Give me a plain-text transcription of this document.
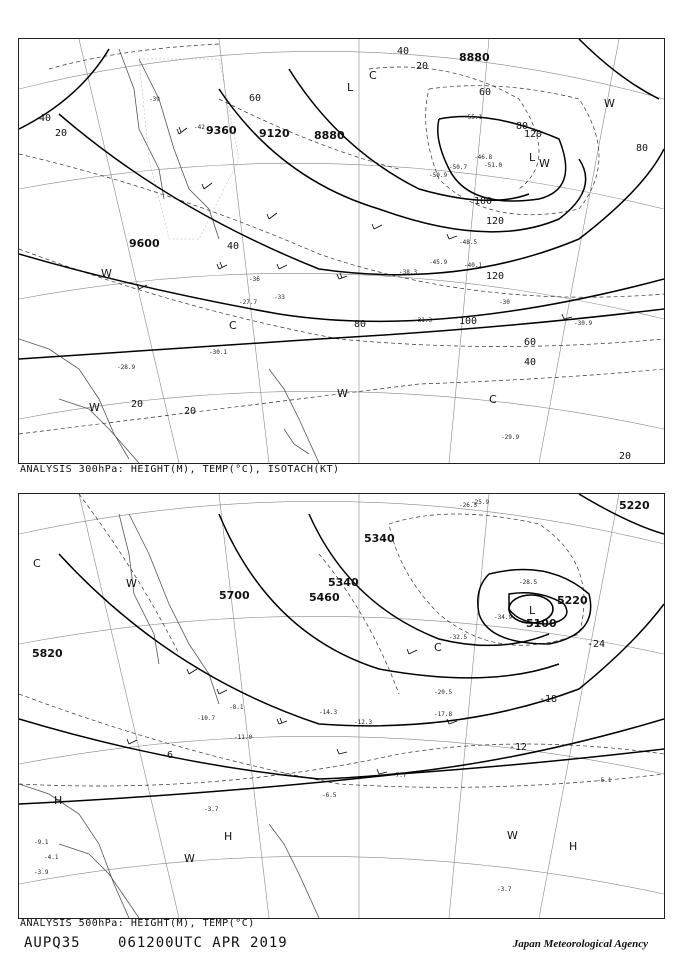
-39
-42
-45.9
-48.5
-51.0
-50.9
-33
-36
-30
-31.3
-27.7
-30.1
-28.9
-29.9
-30.9
-40.1
-38.3
-55.1
-50.7
-46.8
9360 9120 8880
8880
9600
40
20
40
60
80
120
100
60
40
20
20
120
80
60
40
20
20
80
100
120
L
L
C
C
W
W
W
C
W
W
ANALYSIS 300hPa: HEIGHT(M), TEMP(°C), ISOTACH(KT)
-34.9
-32.5
-28.5
-20.5
-17.8
-14.3
-12.3
-7.7
-6.5
-5.1
-3.7
-3.7
-8.1
-11.0
-10.7
-9.1
-3.9
-4.1
-25.9
-26.5
5340
5340
5460
5700
5820
5220
5220
5100
-24
-18
-12
-6
L
C
W
H
H
W
W
H
C
ANALYSIS 500hPa: HEIGHT(M), TEMP(°C)
AUPQ35	061200UTC APR 2019	Japan Meteorological Agency
